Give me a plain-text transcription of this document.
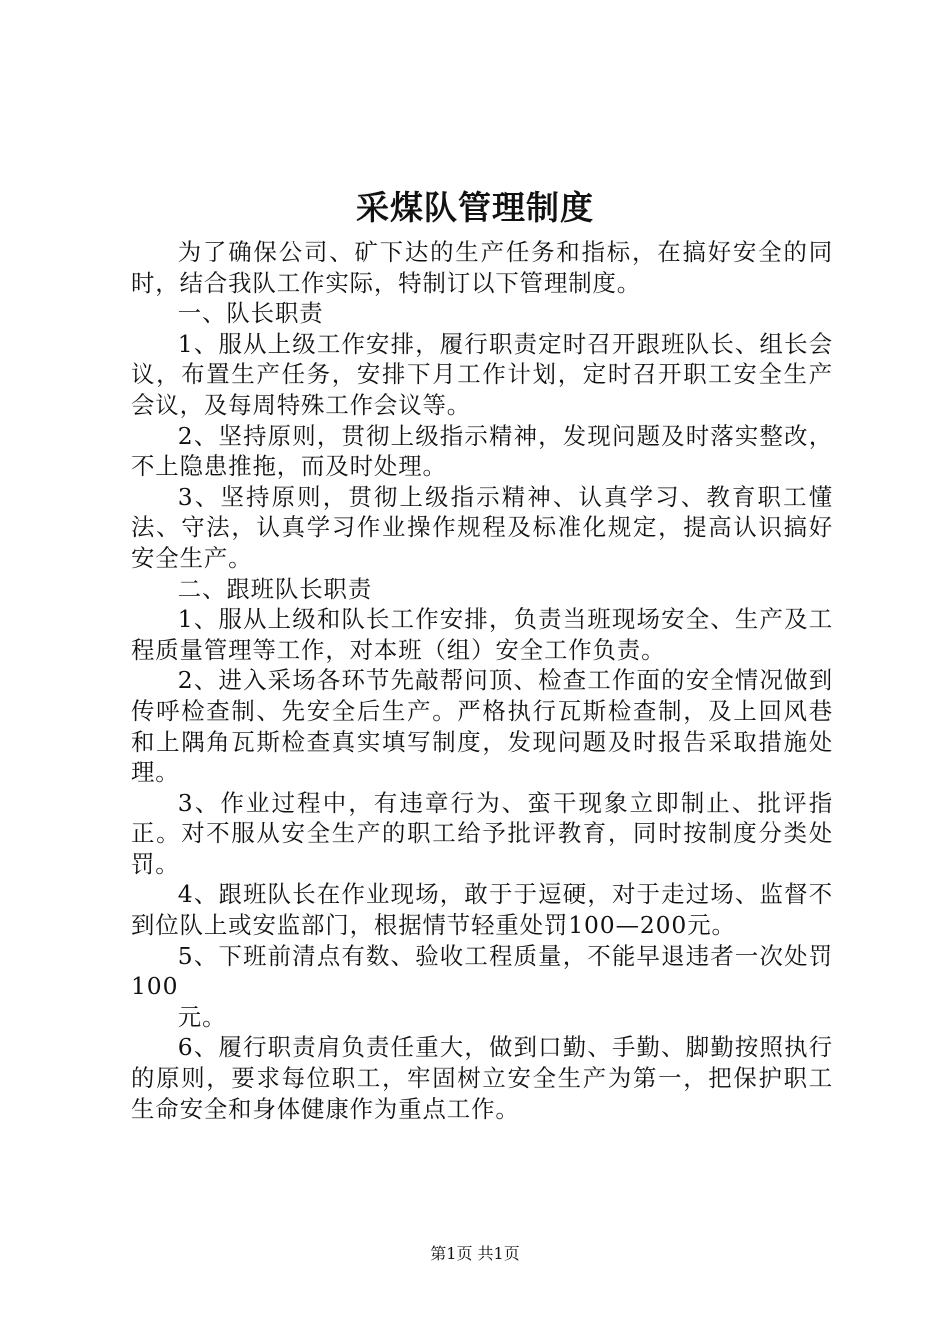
采煤队管理制度

为了确保公司、矿下达的生产任务和指标，在搞好安全的同时，结合我队工作实际，特制订以下管理制度。

一、队长职责

1、服从上级工作安排，履行职责定时召开跟班队长、组长会议，布置生产任务，安排下月工作计划，定时召开职工安全生产会议，及每周特殊工作会议等。

2、坚持原则，贯彻上级指示精神，发现问题及时落实整改，不上隐患推拖，而及时处理。

3、坚持原则，贯彻上级指示精神、认真学习、教育职工懂法、守法，认真学习作业操作规程及标准化规定，提高认识搞好安全生产。

二、跟班队长职责

1、服从上级和队长工作安排，负责当班现场安全、生产及工程质量管理等工作，对本班（组）安全工作负责。

2、进入采场各环节先敲帮问顶、检查工作面的安全情况做到传呼检查制、先安全后生产。严格执行瓦斯检查制，及上回风巷和上隅角瓦斯检查真实填写制度，发现问题及时报告采取措施处理。

3、作业过程中，有违章行为、蛮干现象立即制止、批评指正。对不服从安全生产的职工给予批评教育，同时按制度分类处罚。

4、跟班队长在作业现场，敢于于逗硬，对于走过场、监督不到位队上或安监部门，根据情节轻重处罚100—200元。

5、下班前清点有数、验收工程质量，不能早退违者一次处罚100

元。

6、履行职责肩负责任重大，做到口勤、手勤、脚勤按照执行的原则，要求每位职工，牢固树立安全生产为第一，把保护职工生命安全和身体健康作为重点工作。

第1页 共1页
